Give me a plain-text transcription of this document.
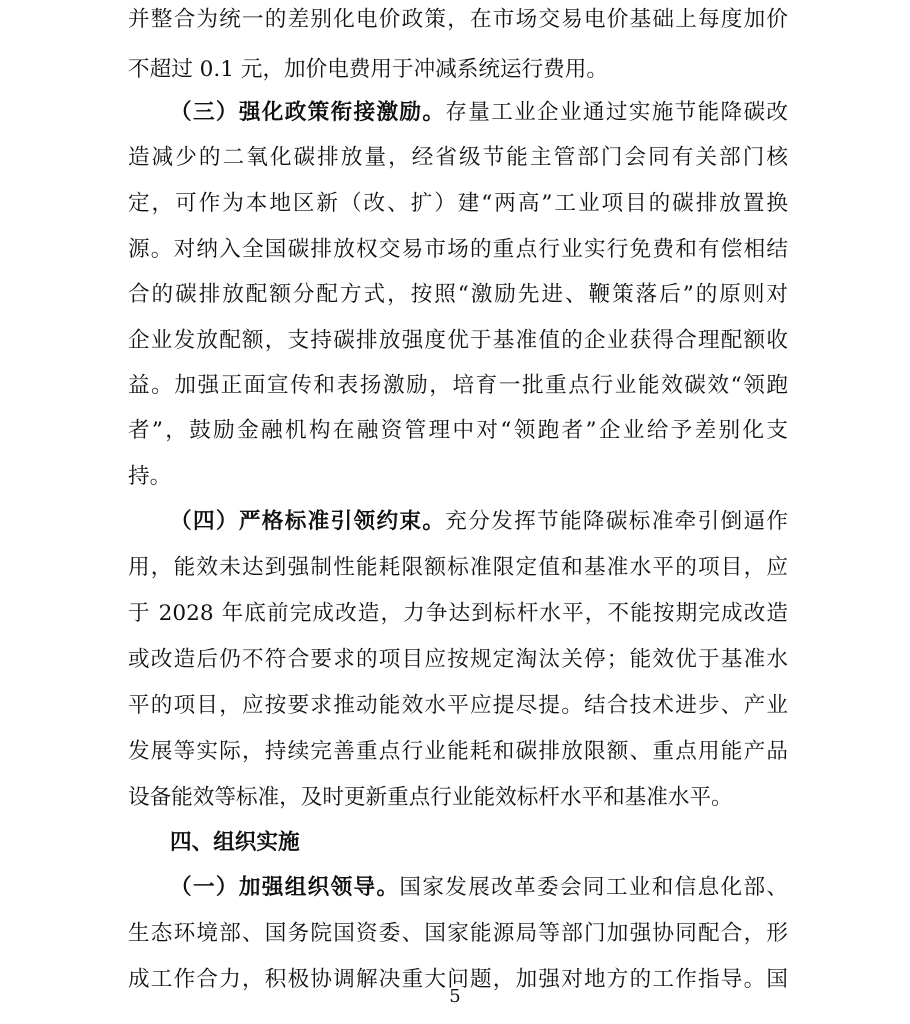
并整合为统一的差别化电价政策，在市场交易电价基础上每度加价
不超过 0.1 元，加价电费用于冲减系统运行费用。
（三）强化政策衔接激励。存量工业企业通过实施节能降碳改
造减少的二氧化碳排放量，经省级节能主管部门会同有关部门核
定，可作为本地区新（改、扩）建“两高”工业项目的碳排放置换
源。对纳入全国碳排放权交易市场的重点行业实行免费和有偿相结
合的碳排放配额分配方式，按照“激励先进、鞭策落后”的原则对
企业发放配额，支持碳排放强度优于基准值的企业获得合理配额收
益。加强正面宣传和表扬激励，培育一批重点行业能效碳效“领跑
者”，鼓励金融机构在融资管理中对“领跑者”企业给予差别化支
持。
（四）严格标准引领约束。充分发挥节能降碳标准牵引倒逼作
用，能效未达到强制性能耗限额标准限定值和基准水平的项目，应
于 2028 年底前完成改造，力争达到标杆水平，不能按期完成改造
或改造后仍不符合要求的项目应按规定淘汰关停；能效优于基准水
平的项目，应按要求推动能效水平应提尽提。结合技术进步、产业
发展等实际，持续完善重点行业能耗和碳排放限额、重点用能产品
设备能效等标准，及时更新重点行业能效标杆水平和基准水平。
四、组织实施
（一）加强组织领导。国家发展改革委会同工业和信息化部、
生态环境部、国务院国资委、国家能源局等部门加强协同配合，形
成工作合力，积极协调解决重大问题，加强对地方的工作指导。国
5
